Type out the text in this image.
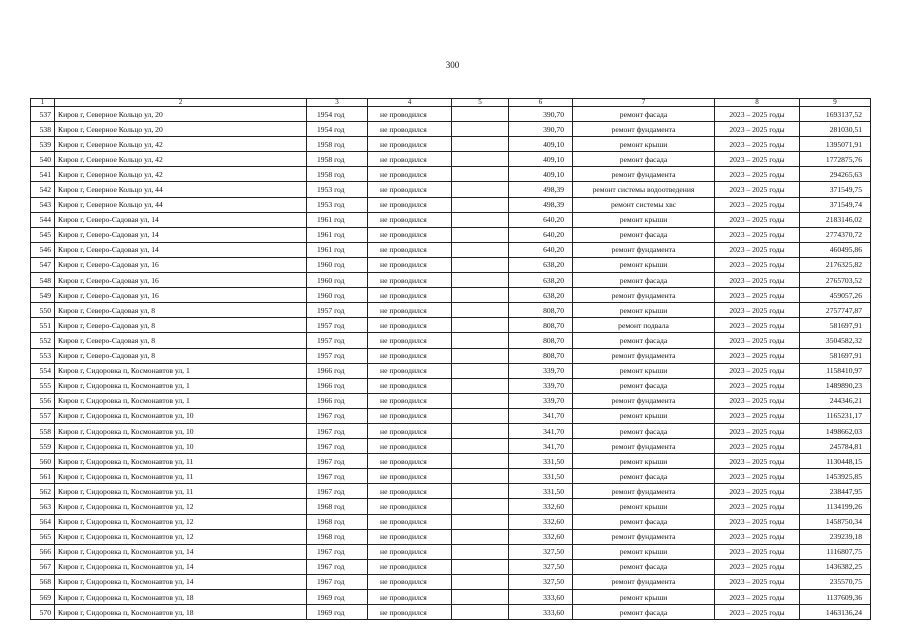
300
1	2	3	4	5	6	7	8	9
537	Киров г, Северное Кольцо ул, 20	1954 год	не проводился		390,70	ремонт фасада	2023 – 2025 годы	1693137,52
538	Киров г, Северное Кольцо ул, 20	1954 год	не проводился		390,70	ремонт фундамента	2023 – 2025 годы	281030,51
539	Киров г, Северное Кольцо ул, 42	1958 год	не проводился		409,10	ремонт крыши	2023 – 2025 годы	1395071,91
540	Киров г, Северное Кольцо ул, 42	1958 год	не проводился		409,10	ремонт фасада	2023 – 2025 годы	1772875,76
541	Киров г, Северное Кольцо ул, 42	1958 год	не проводился		409,10	ремонт фундамента	2023 – 2025 годы	294265,63
542	Киров г, Северное Кольцо ул, 44	1953 год	не проводился		498,39	ремонт системы водоотведения	2023 – 2025 годы	371549,75
543	Киров г, Северное Кольцо ул, 44	1953 год	не проводился		498,39	ремонт системы хвс	2023 – 2025 годы	371549,74
544	Киров г, Северо-Садовая ул, 14	1961 год	не проводился		640,20	ремонт крыши	2023 – 2025 годы	2183146,02
545	Киров г, Северо-Садовая ул, 14	1961 год	не проводился		640,20	ремонт фасада	2023 – 2025 годы	2774370,72
546	Киров г, Северо-Садовая ул, 14	1961 год	не проводился		640,20	ремонт фундамента	2023 – 2025 годы	460495,86
547	Киров г, Северо-Садовая ул, 16	1960 год	не проводился		638,20	ремонт крыши	2023 – 2025 годы	2176325,82
548	Киров г, Северо-Садовая ул, 16	1960 год	не проводился		638,20	ремонт фасада	2023 – 2025 годы	2765703,52
549	Киров г, Северо-Садовая ул, 16	1960 год	не проводился		638,20	ремонт фундамента	2023 – 2025 годы	459057,26
550	Киров г, Северо-Садовая ул, 8	1957 год	не проводился		808,70	ремонт крыши	2023 – 2025 годы	2757747,87
551	Киров г, Северо-Садовая ул, 8	1957 год	не проводился		808,70	ремонт подвала	2023 – 2025 годы	581697,91
552	Киров г, Северо-Садовая ул, 8	1957 год	не проводился		808,70	ремонт фасада	2023 – 2025 годы	3504582,32
553	Киров г, Северо-Садовая ул, 8	1957 год	не проводился		808,70	ремонт фундамента	2023 – 2025 годы	581697,91
554	Киров г, Сидоровка п, Космонавтов ул, 1	1966 год	не проводился		339,70	ремонт крыши	2023 – 2025 годы	1158410,97
555	Киров г, Сидоровка п, Космонавтов ул, 1	1966 год	не проводился		339,70	ремонт фасада	2023 – 2025 годы	1489890,23
556	Киров г, Сидоровка п, Космонавтов ул, 1	1966 год	не проводился		339,70	ремонт фундамента	2023 – 2025 годы	244346,21
557	Киров г, Сидоровка п, Космонавтов ул, 10	1967 год	не проводился		341,70	ремонт крыши	2023 – 2025 годы	1165231,17
558	Киров г, Сидоровка п, Космонавтов ул, 10	1967 год	не проводился		341,70	ремонт фасада	2023 – 2025 годы	1498662,03
559	Киров г, Сидоровка п, Космонавтов ул, 10	1967 год	не проводился		341,70	ремонт фундамента	2023 – 2025 годы	245784,81
560	Киров г, Сидоровка п, Космонавтов ул, 11	1967 год	не проводился		331,50	ремонт крыши	2023 – 2025 годы	1130448,15
561	Киров г, Сидоровка п, Космонавтов ул, 11	1967 год	не проводился		331,50	ремонт фасада	2023 – 2025 годы	1453925,85
562	Киров г, Сидоровка п, Космонавтов ул, 11	1967 год	не проводился		331,50	ремонт фундамента	2023 – 2025 годы	238447,95
563	Киров г, Сидоровка п, Космонавтов ул, 12	1968 год	не проводился		332,60	ремонт крыши	2023 – 2025 годы	1134199,26
564	Киров г, Сидоровка п, Космонавтов ул, 12	1968 год	не проводился		332,60	ремонт фасада	2023 – 2025 годы	1458750,34
565	Киров г, Сидоровка п, Космонавтов ул, 12	1968 год	не проводился		332,60	ремонт фундамента	2023 – 2025 годы	239239,18
566	Киров г, Сидоровка п, Космонавтов ул, 14	1967 год	не проводился		327,50	ремонт крыши	2023 – 2025 годы	1116807,75
567	Киров г, Сидоровка п, Космонавтов ул, 14	1967 год	не проводился		327,50	ремонт фасада	2023 – 2025 годы	1436382,25
568	Киров г, Сидоровка п, Космонавтов ул, 14	1967 год	не проводился		327,50	ремонт фундамента	2023 – 2025 годы	235570,75
569	Киров г, Сидоровка п, Космонавтов ул, 18	1969 год	не проводился		333,60	ремонт крыши	2023 – 2025 годы	1137609,36
570	Киров г, Сидоровка п, Космонавтов ул, 18	1969 год	не проводился		333,60	ремонт фасада	2023 – 2025 годы	1463136,24
